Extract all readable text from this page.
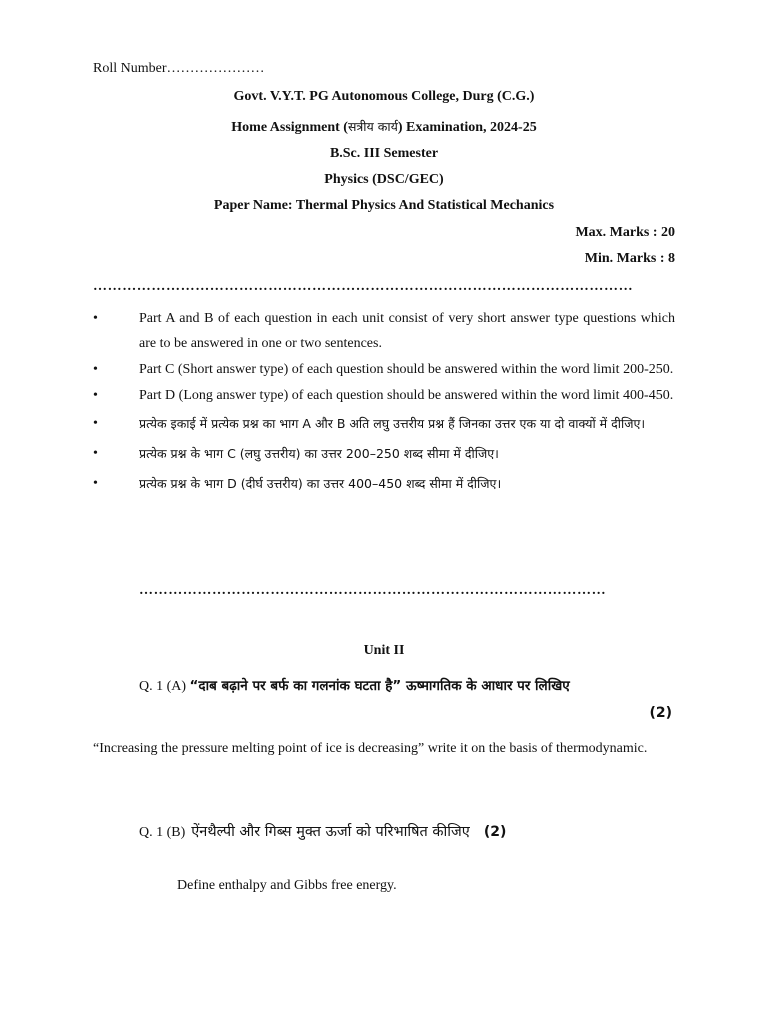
Roll Number…………………
Govt. V.Y.T. PG Autonomous College, Durg (C.G.)
Home Assignment (सत्रीय कार्य) Examination, 2024-25
B.Sc. III Semester
Physics (DSC/GEC)
Paper Name: Thermal Physics And Statistical Mechanics
Max. Marks : 20
Min. Marks : 8
…………………………………………………………………………………………………
•	Part A and B of each question in each unit consist of very short answer type questions which are to be answered in one or two sentences.
•	Part C (Short answer type) of each question should be answered within the word limit 200-250.
•	Part D (Long answer type) of each question should be answered within the word limit 400-450.
•	प्रत्येक इकाई में प्रत्येक प्रश्न का भाग A और B अति लघु उत्तरीय प्रश्न हैं जिनका उत्तर एक या दो वाक्यों में दीजिए।
•	प्रत्येक प्रश्न के भाग C (लघु उत्तरीय) का उत्तर 200–250 शब्द सीमा में दीजिए।
•	प्रत्येक प्रश्न के भाग D (दीर्घ उत्तरीय) का उत्तर 400–450 शब्द सीमा में दीजिए।
……………………………………………………………………………………
Unit II
Q. 1 (A) “दाब बढ़ाने पर बर्फ का गलनांक घटता है” ऊष्मागतिक के आधार पर लिखिए
(2)
“Increasing the pressure melting point of ice is decreasing” write it on the basis of thermodynamic.
Q. 1 (B) ऐंनथैल्पी और गिब्स मुक्त ऊर्जा को परिभाषित कीजिए (2)
Define enthalpy and Gibbs free energy.
